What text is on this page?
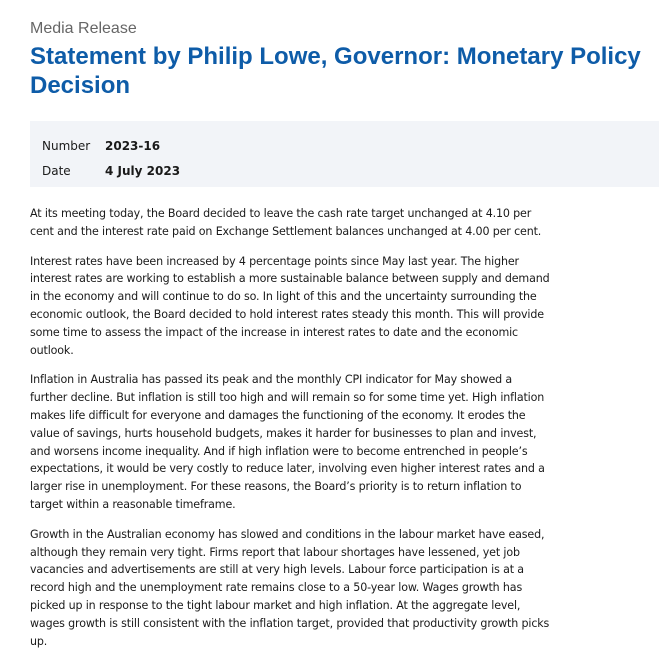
Media Release

Statement by Philip Lowe, Governor: Monetary Policy Decision
Number	2023-16
Date	4 July 2023

At its meeting today, the Board decided to leave the cash rate target unchanged at 4.10 per cent and the interest rate paid on Exchange Settlement balances unchanged at 4.00 per cent.

Interest rates have been increased by 4 percentage points since May last year. The higher interest rates are working to establish a more sustainable balance between supply and demand in the economy and will continue to do so. In light of this and the uncertainty surrounding the economic outlook, the Board decided to hold interest rates steady this month. This will provide some time to assess the impact of the increase in interest rates to date and the economic outlook.

Inflation in Australia has passed its peak and the monthly CPI indicator for May showed a further decline. But inflation is still too high and will remain so for some time yet. High inflation makes life difficult for everyone and damages the functioning of the economy. It erodes the value of savings, hurts household budgets, makes it harder for businesses to plan and invest, and worsens income inequality. And if high inflation were to become entrenched in people’s expectations, it would be very costly to reduce later, involving even higher interest rates and a larger rise in unemployment. For these reasons, the Board’s priority is to return inflation to target within a reasonable timeframe.

Growth in the Australian economy has slowed and conditions in the labour market have eased, although they remain very tight. Firms report that labour shortages have lessened, yet job vacancies and advertisements are still at very high levels. Labour force participation is at a record high and the unemployment rate remains close to a 50-year low. Wages growth has picked up in response to the tight labour market and high inflation. At the aggregate level, wages growth is still consistent with the inflation target, provided that productivity growth picks up.
